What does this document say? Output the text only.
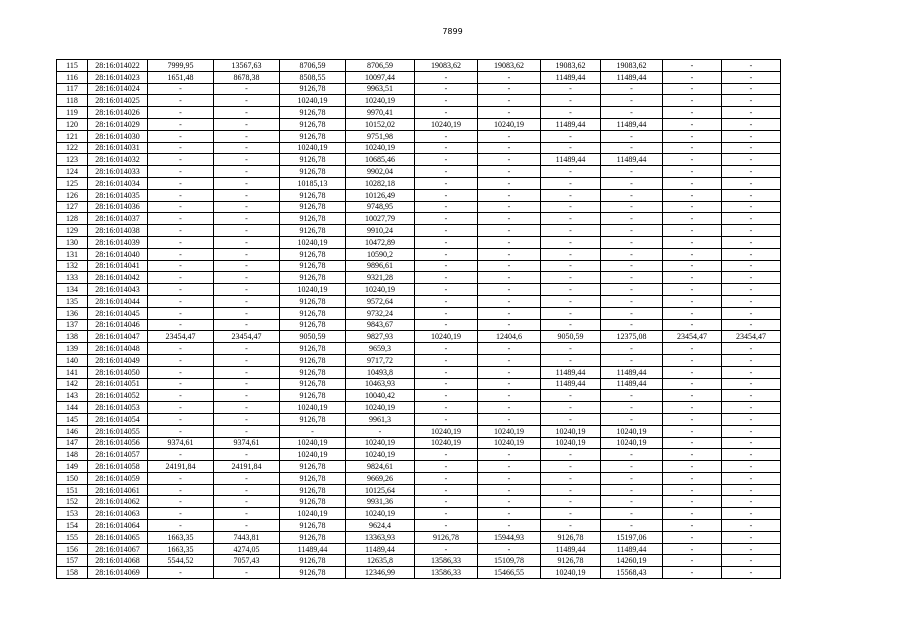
7899
115	28:16:014022	7999,95	13567,63	8706,59	8706,59	19083,62	19083,62	19083,62	19083,62	-	-
116	28:16:014023	1651,48	8678,38	8508,55	10097,44	-	-	11489,44	11489,44	-	-
117	28:16:014024	-	-	9126,78	9963,51	-	-	-	-	-	-
118	28:16:014025	-	-	10240,19	10240,19	-	-	-	-	-	-
119	28:16:014026	-	-	9126,78	9970,41	-	-	-	-	-	-
120	28:16:014029	-	-	9126,78	10152,02	10240,19	10240,19	11489,44	11489,44	-	-
121	28:16:014030	-	-	9126,78	9751,98	-	-	-	-	-	-
122	28:16:014031	-	-	10240,19	10240,19	-	-	-	-	-	-
123	28:16:014032	-	-	9126,78	10685,46	-	-	11489,44	11489,44	-	-
124	28:16:014033	-	-	9126,78	9902,04	-	-	-	-	-	-
125	28:16:014034	-	-	10185,13	10282,18	-	-	-	-	-	-
126	28:16:014035	-	-	9126,78	10126,49	-	-	-	-	-	-
127	28:16:014036	-	-	9126,78	9748,95	-	-	-	-	-	-
128	28:16:014037	-	-	9126,78	10027,79	-	-	-	-	-	-
129	28:16:014038	-	-	9126,78	9910,24	-	-	-	-	-	-
130	28:16:014039	-	-	10240,19	10472,89	-	-	-	-	-	-
131	28:16:014040	-	-	9126,78	10590,2	-	-	-	-	-	-
132	28:16:014041	-	-	9126,78	9896,61	-	-	-	-	-	-
133	28:16:014042	-	-	9126,78	9321,28	-	-	-	-	-	-
134	28:16:014043	-	-	10240,19	10240,19	-	-	-	-	-	-
135	28:16:014044	-	-	9126,78	9572,64	-	-	-	-	-	-
136	28:16:014045	-	-	9126,78	9732,24	-	-	-	-	-	-
137	28:16:014046	-	-	9126,78	9843,67	-	-	-	-	-	-
138	28:16:014047	23454,47	23454,47	9050,59	9827,93	10240,19	12404,6	9050,59	12375,08	23454,47	23454,47
139	28:16:014048	-	-	9126,78	9659,3	-	-	-	-	-	-
140	28:16:014049	-	-	9126,78	9717,72	-	-	-	-	-	-
141	28:16:014050	-	-	9126,78	10493,8	-	-	11489,44	11489,44	-	-
142	28:16:014051	-	-	9126,78	10463,93	-	-	11489,44	11489,44	-	-
143	28:16:014052	-	-	9126,78	10040,42	-	-	-	-	-	-
144	28:16:014053	-	-	10240,19	10240,19	-	-	-	-	-	-
145	28:16:014054	-	-	9126,78	9961,3	-	-	-	-	-	-
146	28:16:014055	-	-	-	-	10240,19	10240,19	10240,19	10240,19	-	-
147	28:16:014056	9374,61	9374,61	10240,19	10240,19	10240,19	10240,19	10240,19	10240,19	-	-
148	28:16:014057	-	-	10240,19	10240,19	-	-	-	-	-	-
149	28:16:014058	24191,84	24191,84	9126,78	9824,61	-	-	-	-	-	-
150	28:16:014059	-	-	9126,78	9669,26	-	-	-	-	-	-
151	28:16:014061	-	-	9126,78	10125,64	-	-	-	-	-	-
152	28:16:014062	-	-	9126,78	9931,36	-	-	-	-	-	-
153	28:16:014063	-	-	10240,19	10240,19	-	-	-	-	-	-
154	28:16:014064	-	-	9126,78	9624,4	-	-	-	-	-	-
155	28:16:014065	1663,35	7443,81	9126,78	13363,93	9126,78	15944,93	9126,78	15197,06	-	-
156	28:16:014067	1663,35	4274,05	11489,44	11489,44	-	-	11489,44	11489,44	-	-
157	28:16:014068	5544,52	7057,43	9126,78	12635,8	13586,33	15109,78	9126,78	14260,19	-	-
158	28:16:014069	-	-	9126,78	12346,99	13586,33	15466,55	10240,19	15568,43	-	-
